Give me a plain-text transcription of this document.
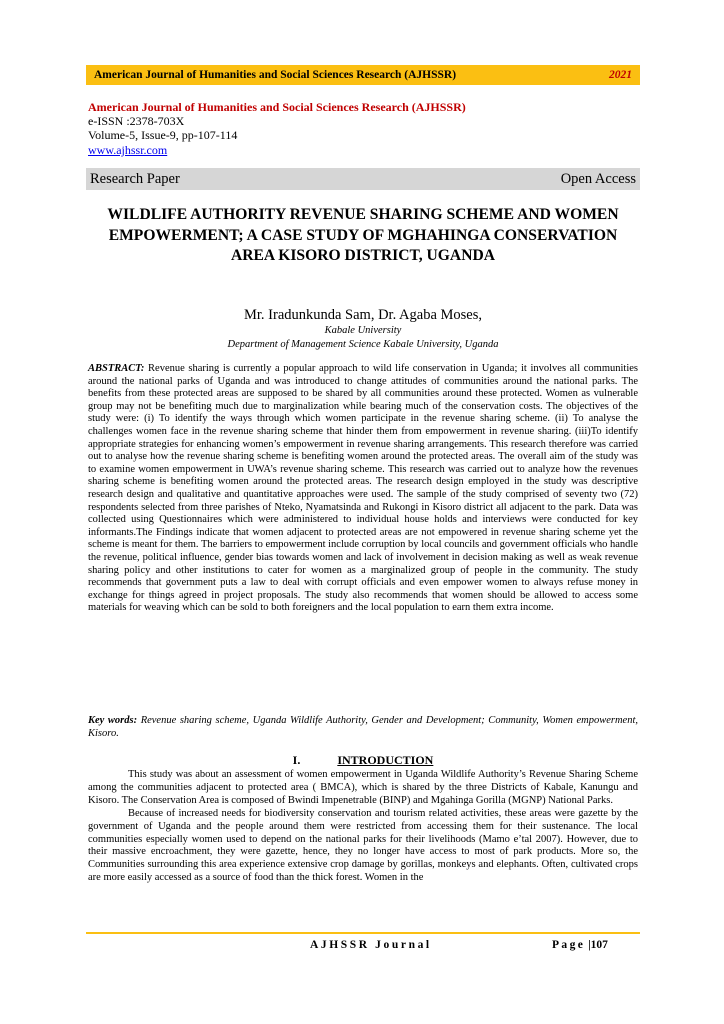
American Journal of Humanities and Social Sciences Research (AJHSSR)	2021
American Journal of Humanities and Social Sciences Research (AJHSSR)
e-ISSN :2378-703X
Volume-5, Issue-9, pp-107-114
www.ajhssr.com
Research Paper	Open Access
WILDLIFE AUTHORITY REVENUE SHARING SCHEME AND WOMEN EMPOWERMENT; A CASE STUDY OF MGHAHINGA CONSERVATION AREA KISORO DISTRICT, UGANDA
Mr. Iradunkunda Sam, Dr. Agaba Moses,
Kabale University
Department of Management Science Kabale University, Uganda
ABSTRACT: Revenue sharing is currently a popular approach to wild life conservation in Uganda; it involves all communities around the national parks of Uganda and was introduced to change attitudes of communities around the national parks. The benefits from these protected areas are supposed to be shared by all communities around these protected. Women as vulnerable group may not be benefiting much due to marginalization while bearing much of the conservation costs. The objectives of the study were: (i) To identify the ways through which women participate in the revenue sharing scheme. (ii) To analyse the challenges women face in the revenue sharing scheme that hinder them from empowerment in revenue sharing. (iii)To identify appropriate strategies for enhancing women’s empowerment in revenue sharing arrangements. This research therefore was carried out to analyse how the revenue sharing scheme is benefiting women around the protected areas. The overall aim of the study was to examine women empowerment in UWA’s revenue sharing scheme. This research was carried out to analyze how the revenues sharing scheme is benefiting women around the protected areas. The research design employed in the study was descriptive research design and qualitative and quantitative approaches were used. The sample of the study comprised of seventy two (72) respondents selected from three parishes of Nteko, Nyamatsinda and Rukongi in Kisoro district all adjacent to the park. Data was collected using Questionnaires which were administered to individual house holds and interviews were conducted for key informants.The Findings indicate that women adjacent to protected areas are not empowered in revenue sharing scheme yet the scheme is meant for them. The barriers to empowerment include corruption by local councils and government officials who handle the revenue, political influence, gender bias towards women and lack of involvement in decision making as well as weak revenue sharing policy and other institutions to cater for women as a marginalized group of people in the community. The study recommends that government puts a law to deal with corrupt officials and even empower women to always refuse money in exchange for things agreed in project proposals. The study also recommends that women should be allowed to access some materials for weaving which can be sold to both foreigners and the local population to earn them extra income.
Key words: Revenue sharing scheme, Uganda Wildlife Authority, Gender and Development; Community, Women empowerment, Kisoro.
I.	INTRODUCTION

This study was about an assessment of women empowerment in Uganda Wildlife Authority’s Revenue Sharing Scheme among the communities adjacent to protected area ( BMCA), which is shared by the three Districts of Kabale, Kanungu and Kisoro. The Conservation Area is composed of Bwindi Impenetrable (BINP) and Mgahinga Gorilla (MGNP) National Parks.

Because of increased needs for biodiversity conservation and tourism related activities, these areas were gazette by the government of Uganda and the people around them were restricted from accessing them for their sustenance. The local communities especially women used to depend on the national parks for their livelihoods (Mamo e’tal 2007). However, due to their massive encroachment, they were gazette, hence, they no longer have access to most of park products. More so, the Communities surrounding this area experience extensive crop damage by gorillas, monkeys and elephants. Often, cultivated crops are more easily accessed as a source of food than the thick forest. Women in the

AJHSSR Journal	Page |107
